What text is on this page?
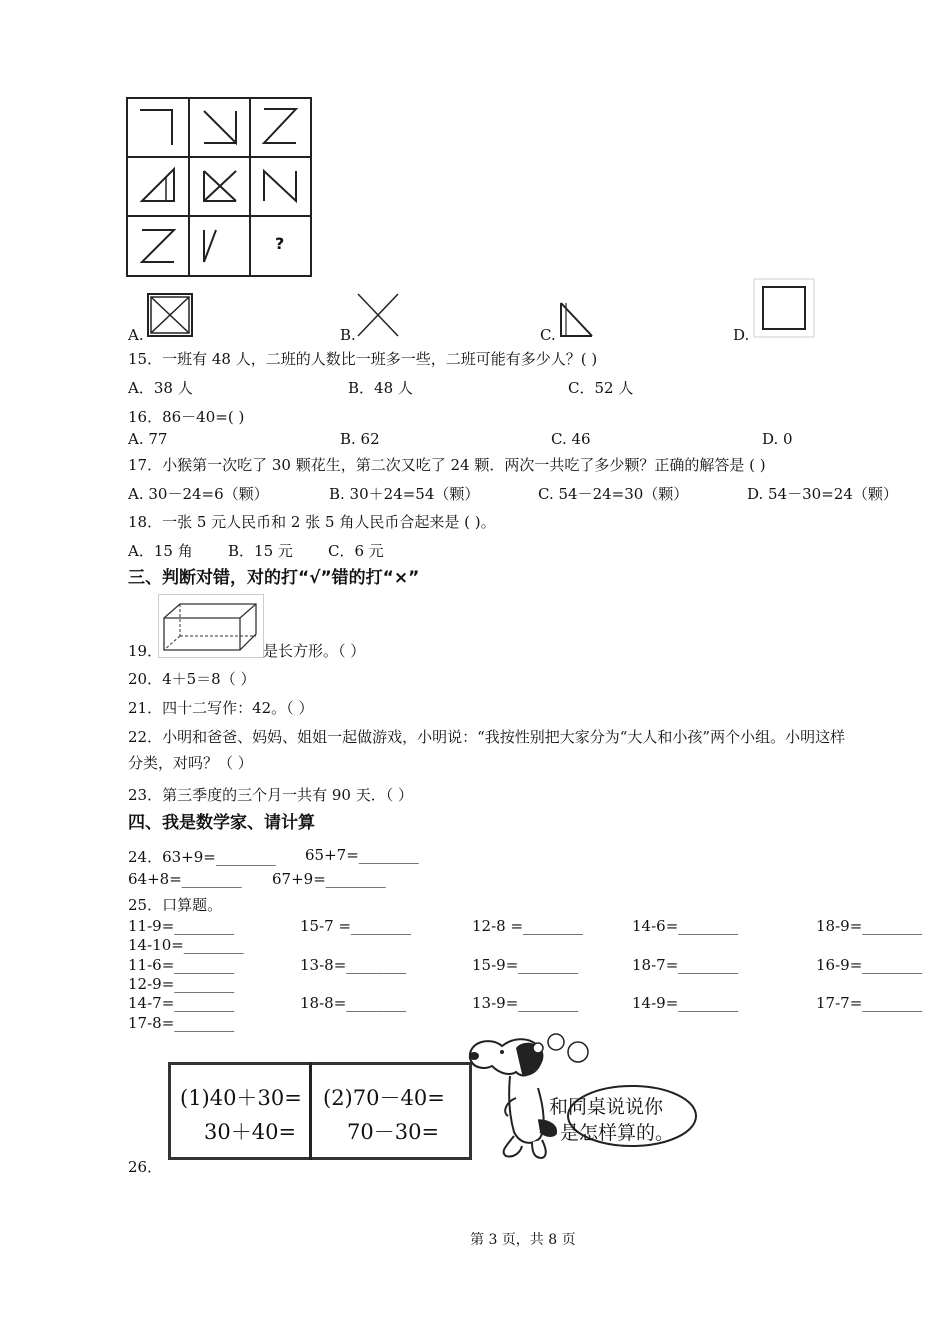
?
A.	B.	C.	D.
15．一班有 48 人，二班的人数比一班多一些，二班可能有多少人？( )
A．38 人	B．48 人	C．52 人
16．86－40=( )
A. 77	B. 62	C. 46	D. 0
17．小猴第一次吃了 30 颗花生，第二次又吃了 24 颗．两次一共吃了多少颗？正确的解答是 ( )
A. 30－24=6（颗）	B. 30＋24=54（颗）	C. 54－24=30（颗）	D. 54－30=24（颗）
18．一张 5 元人民币和 2 张 5 角人民币合起来是 ( )。
A．15 角 B．15 元 C．6 元
三、判断对错，对的打“√”错的打“×”
19．	是长方形。（ ）
20．4＋5＝8（ ）
21．四十二写作：42。（ ）
22．小明和爸爸、妈妈、姐姐一起做游戏，小明说：“我按性别把大家分为“大人和小孩”两个小组。小明这样
分类，对吗？（ ）
23．第三季度的三个月一共有 90 天．（ ）
四、我是数学家、请计算
24．63+9=________ 65+7=________
64+8=________ 67+9=________
25．口算题。
11-9=________	15-7 =________	12-8 =________	14-6=________	18-9=________
14-10=________
11-6=________	13-8=________	15-9=________	18-7=________	16-9=________
12-9=________
14-7=________	18-8=________	13-9=________	14-9=________	17-7=________
17-8=________
26．
(1)40＋30=
30＋40=
(2)70－40=
70－30=
和同桌说说你
是怎样算的。
第 3 页，共 8 页
